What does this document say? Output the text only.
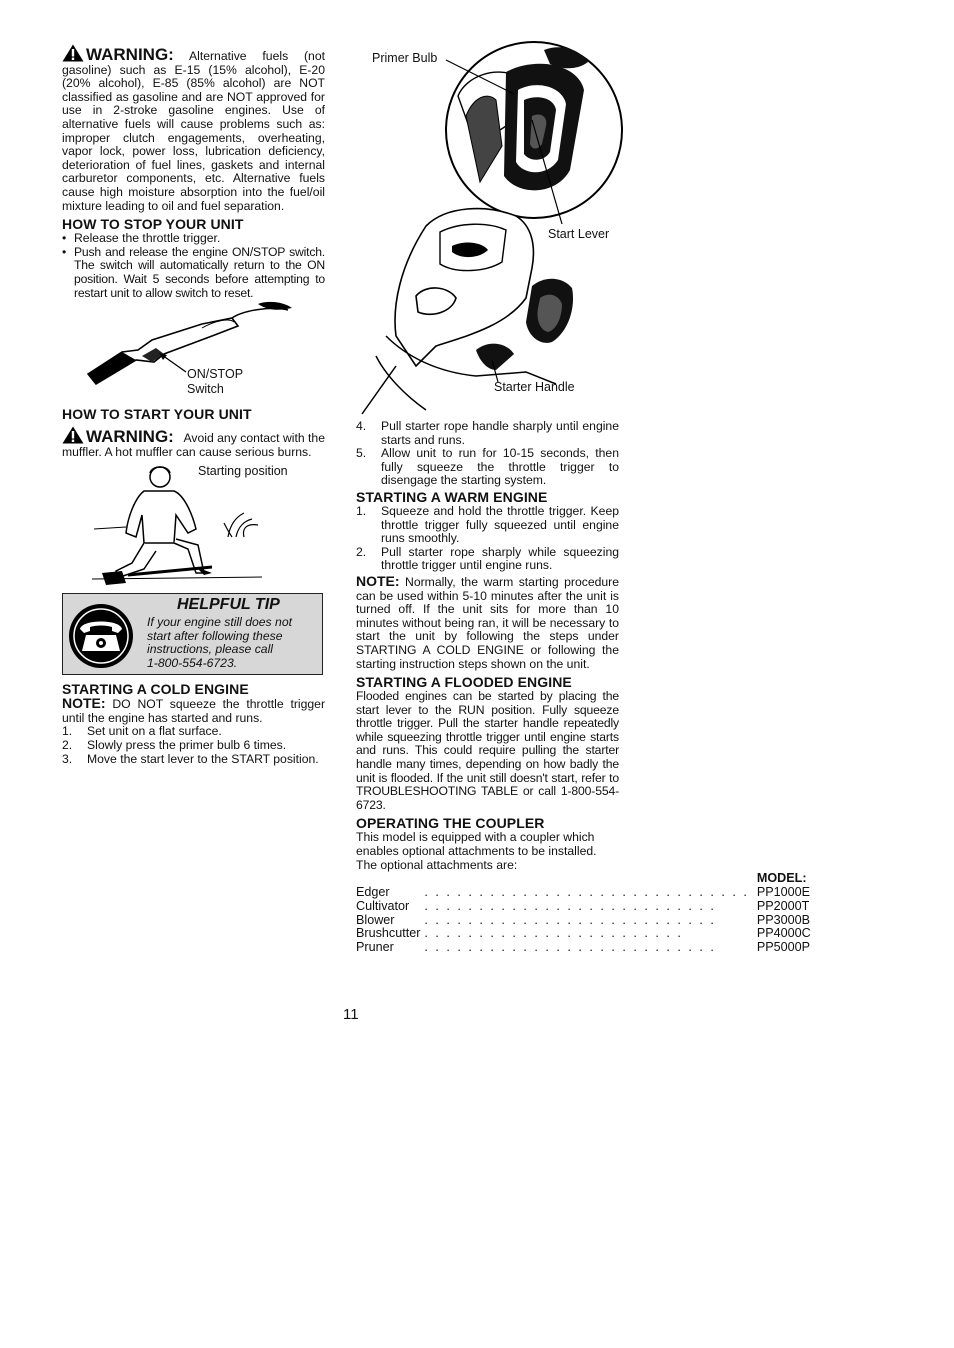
WARNING: Alternative fuels (not gasoline) such as E-15 (15% alcohol), E-20 (20% alcohol), E-85 (85% alcohol) are NOT classified as gasoline and are NOT approved for use in 2-stroke gasoline engines. Use of alternative fuels will cause problems such as: improper clutch engagements, overheating, vapor lock, power loss, lubrication deficiency, deterioration of fuel lines, gaskets and internal carburetor components, etc. Alternative fuels cause high moisture absorption into the fuel/oil mixture leading to oil and fuel separation.

HOW TO STOP YOUR UNIT
• Release the throttle trigger.
• Push and release the engine ON/STOP switch. The switch will automatically return to the ON position. Wait 5 seconds before attempting to restart unit to allow switch to reset.
ON/STOP
Switch
HOW TO START YOUR UNIT

WARNING: Avoid any contact with the muffler. A hot muffler can cause serious burns.

Starting position
HELPFUL TIP
If your engine still does not
start after following these
instructions, please call
1-800-554-6723.
STARTING A COLD ENGINE

NOTE: DO NOT squeeze the throttle trigger until the engine has started and runs.

1. Set unit on a flat surface.
2. Slowly press the primer bulb 6 times.
3. Move the start lever to the START position.
Primer Bulb
Start Lever
Starter Handle
4. Pull starter rope handle sharply until engine starts and runs.
5. Allow unit to run for 10-15 seconds, then fully squeeze the throttle trigger to disengage the starting system.
STARTING A WARM ENGINE
1. Squeeze and hold the throttle trigger. Keep throttle trigger fully squeezed until engine runs smoothly.
2. Pull starter rope sharply while squeezing throttle trigger until engine runs.

NOTE: Normally, the warm starting procedure can be used within 5-10 minutes after the unit is turned off. If the unit sits for more than 10 minutes without being ran, it will be necessary to start the unit by following the steps under STARTING A COLD ENGINE or following the starting instruction steps shown on the unit.

STARTING A FLOODED ENGINE

Flooded engines can be started by placing the start lever to the RUN position. Fully squeeze throttle trigger. Pull the starter handle repeatedly while squeezing throttle trigger until engine starts and runs. This could require pulling the starter handle many times, depending on how badly the unit is flooded. If the unit still doesn't start, refer to TROUBLESHOOTING TABLE or call 1-800-554-6723.

OPERATING THE COUPLER

This model is equipped with a coupler which enables optional attachments to be installed. The optional attachments are:

		MODEL:
Edger	. . . . . . . . . . . . . . . . . . . . . . . . . . . . . .	PP1000E
Cultivator	. . . . . . . . . . . . . . . . . . . . . . . . . . .	PP2000T
Blower	. . . . . . . . . . . . . . . . . . . . . . . . . . .	PP3000B
Brushcutter	. . . . . . . . . . . . . . . . . . . . . . . .	PP4000C
Pruner	. . . . . . . . . . . . . . . . . . . . . . . . . . .	PP5000P
11
